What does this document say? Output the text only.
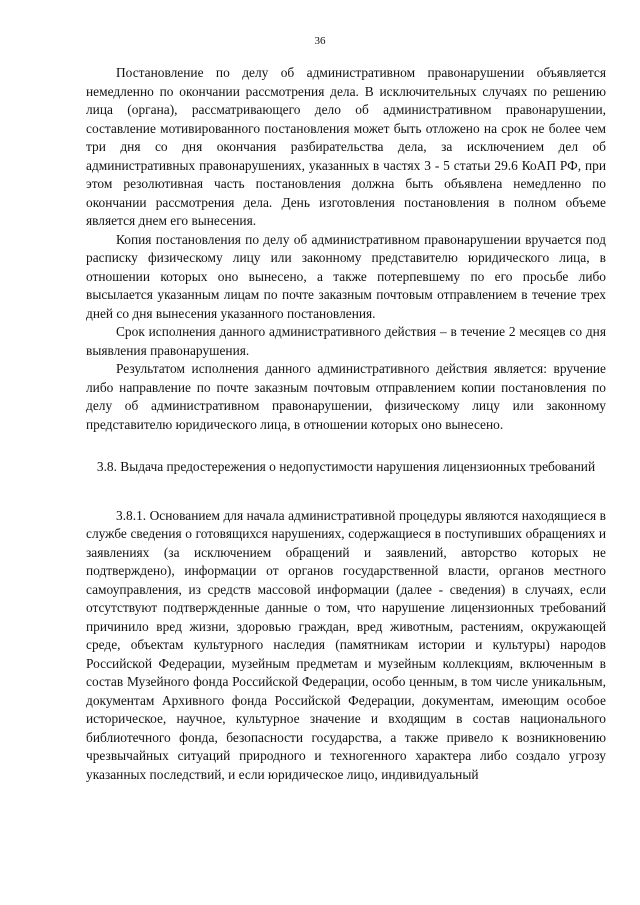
36

Постановление по делу об административном правонарушении объявляется немедленно по окончании рассмотрения дела. В исключительных случаях по решению лица (органа), рассматривающего дело об административном правонарушении, составление мотивированного постановления может быть отложено на срок не более чем три дня со дня окончания разбирательства дела, за исключением дел об административных правонарушениях, указанных в частях 3 - 5 статьи 29.6 КоАП РФ, при этом резолютивная часть постановления должна быть объявлена немедленно по окончании рассмотрения дела. День изготовления постановления в полном объеме является днем его вынесения.

Копия постановления по делу об административном правонарушении вручается под расписку физическому лицу или законному представителю юридического лица, в отношении которых оно вынесено, а также потерпевшему по его просьбе либо высылается указанным лицам по почте заказным почтовым отправлением в течение трех дней со дня вынесения указанного постановления.

Срок исполнения данного административного действия – в течение 2 месяцев со дня выявления правонарушения.

Результатом исполнения данного административного действия является: вручение либо направление по почте заказным почтовым отправлением копии постановления по делу об административном правонарушении, физическому лицу или законному представителю юридического лица, в отношении которых оно вынесено.

3.8. Выдача предостережения о недопустимости нарушения лицензионных требований

3.8.1. Основанием для начала административной процедуры являются находящиеся в службе сведения о готовящихся нарушениях, содержащиеся в поступивших обращениях и заявлениях (за исключением обращений и заявлений, авторство которых не подтверждено), информации от органов государственной власти, органов местного самоуправления, из средств массовой информации (далее - сведения) в случаях, если отсутствуют подтвержденные данные о том, что нарушение лицензионных требований причинило вред жизни, здоровью граждан, вред животным, растениям, окружающей среде, объектам культурного наследия (памятникам истории и культуры) народов Российской Федерации, музейным предметам и музейным коллекциям, включенным в состав Музейного фонда Российской Федерации, особо ценным, в том числе уникальным, документам Архивного фонда Российской Федерации, документам, имеющим особое историческое, научное, культурное значение и входящим в состав национального библиотечного фонда, безопасности государства, а также привело к возникновению чрезвычайных ситуаций природного и техногенного характера либо создало угрозу указанных последствий, и если юридическое лицо, индивидуальный
